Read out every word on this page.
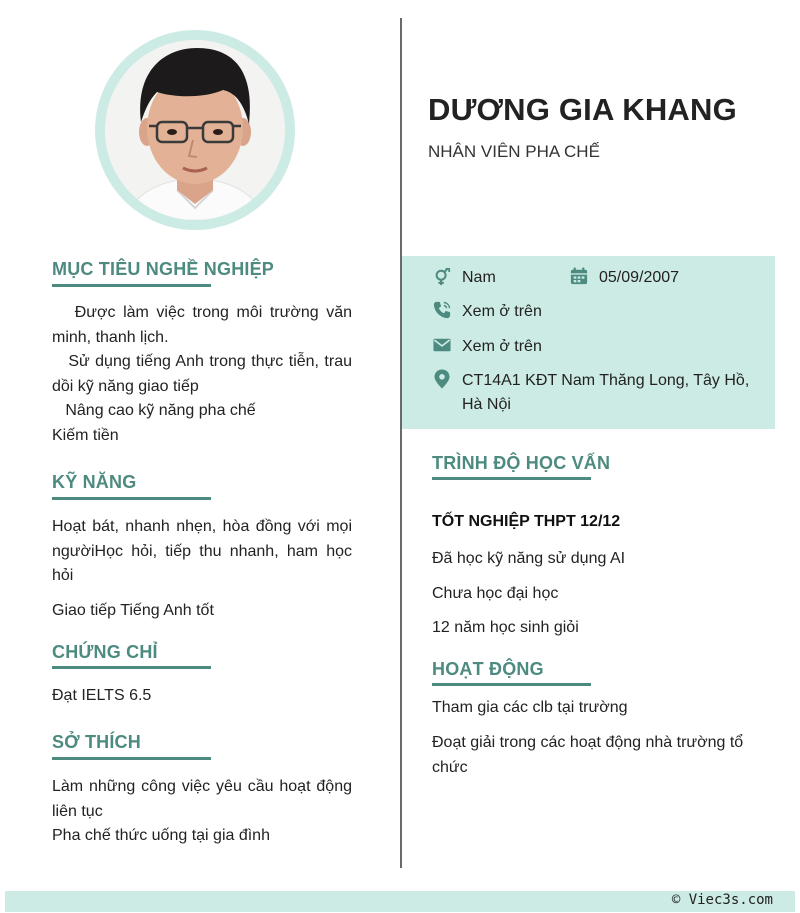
MỤC TIÊU NGHỀ NGHIỆP
Được làm việc trong môi trường văn minh, thanh lịch.
Sử dụng tiếng Anh trong thực tiễn, trau dồi kỹ năng giao tiếp
Nâng cao kỹ năng pha chế
Kiếm tiền
KỸ NĂNG
Hoạt bát, nhanh nhẹn, hòa đồng với mọi ngườiHọc hỏi, tiếp thu nhanh, ham học hỏi
Giao tiếp Tiếng Anh tốt
CHỨNG CHỈ
Đạt IELTS 6.5
SỞ THÍCH
Làm những công việc yêu cầu hoạt động liên tục
Pha chế thức uống tại gia đình
DƯƠNG GIA KHANG
NHÂN VIÊN PHA CHẾ
Nam	05/09/2007
Xem ở trên
Xem ở trên
CT14A1 KĐT Nam Thăng Long, Tây Hồ, Hà Nội
TRÌNH ĐỘ HỌC VẤN
TỐT NGHIỆP THPT 12/12
Đã học kỹ năng sử dụng AI
Chưa học đại học
12 năm học sinh giỏi
HOẠT ĐỘNG
Tham gia các clb tại trường
Đoạt giải trong các hoạt động nhà trường tổ chức
© Viec3s.com
